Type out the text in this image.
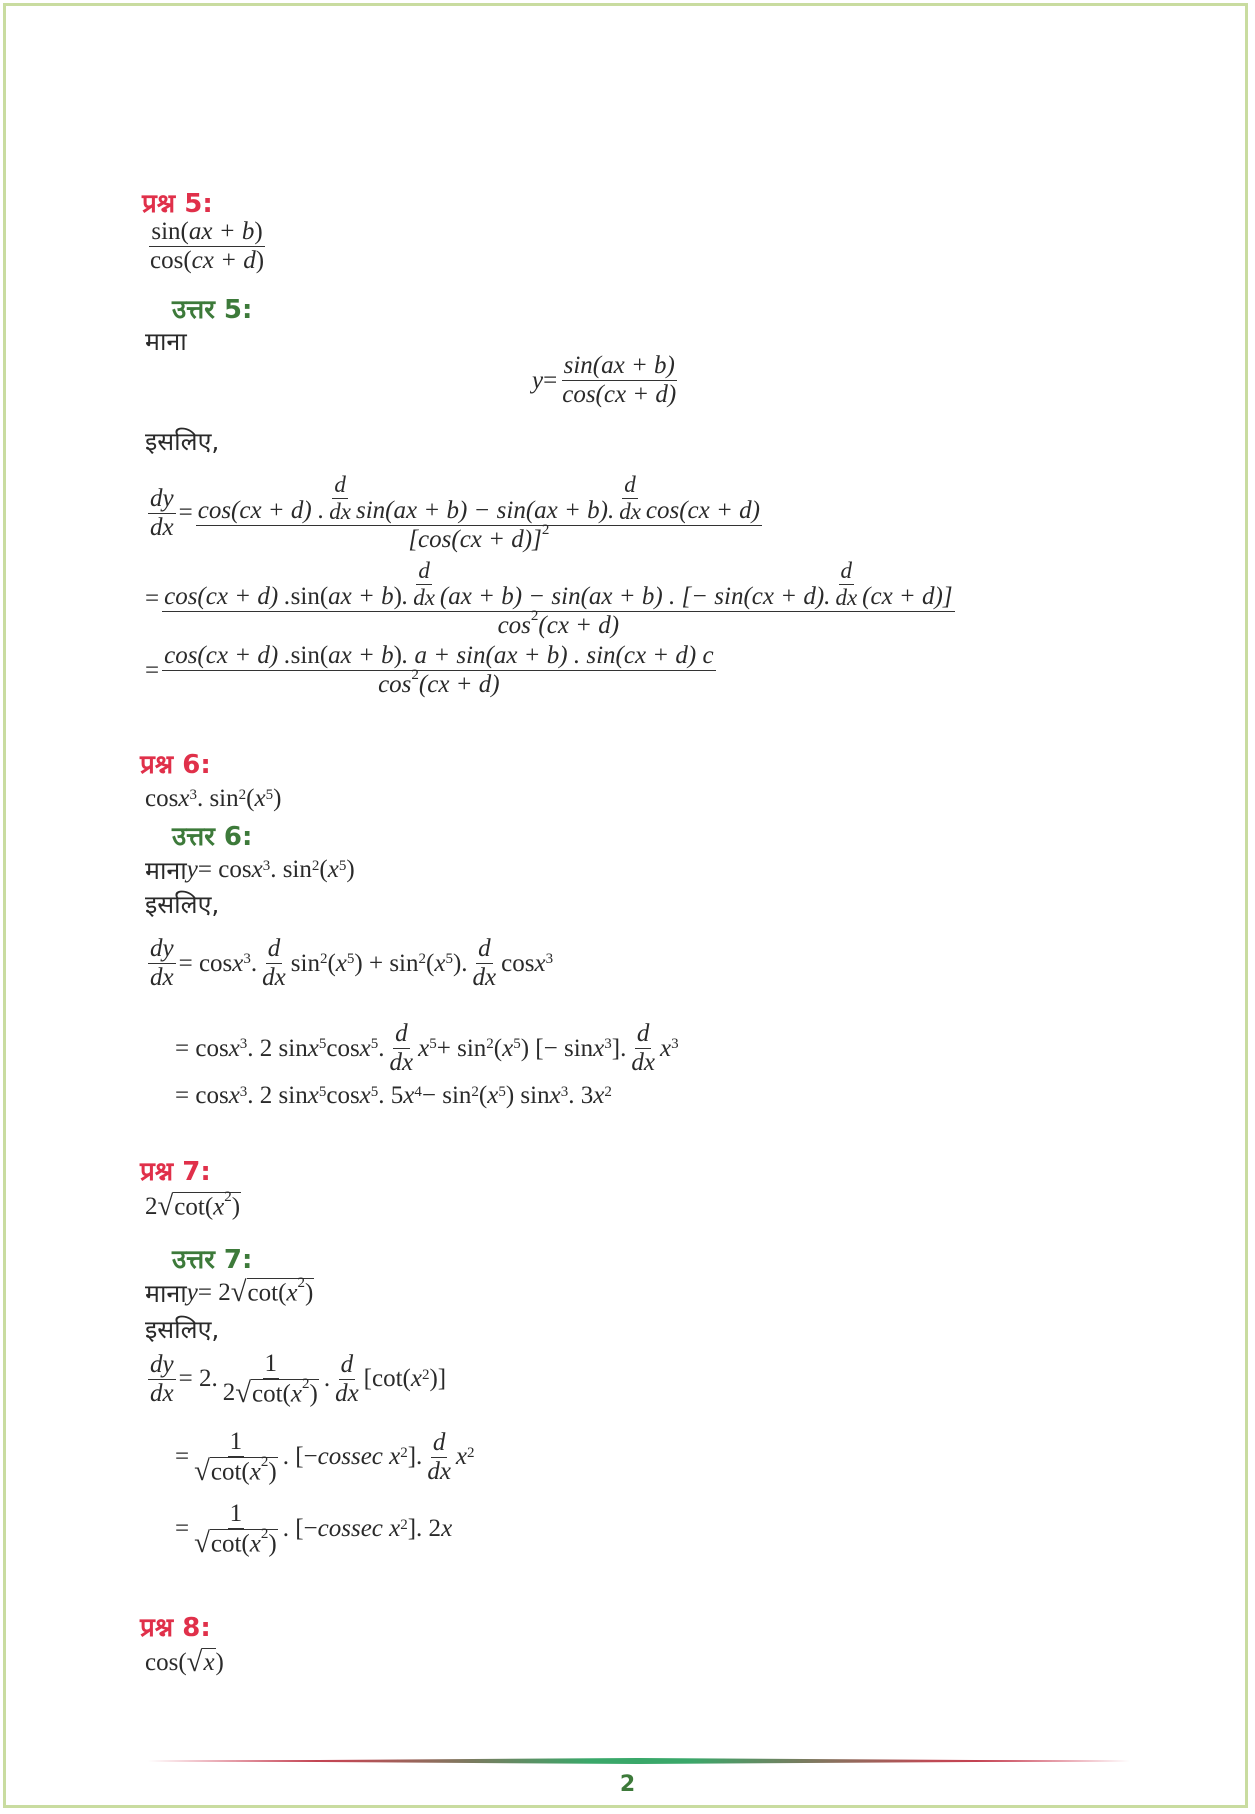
प्रश्न 5:
$\frac{\sin( ax + b )}{\cos( cx + d )}$
उत्तर 5:
माना
$y = \frac{\sin(ax + b)}{\cos(cx + d)}$
इसलिए,
$\frac{dy}{dx} = \frac{\cos(cx + d) . \frac{d}{dx} \sin(ax + b) - \sin(ax + b). \frac{d}{dx} \cos(cx + d)}{[\cos(cx + d)] 2}$
= cos(cx + d) . sin( ax + b ) . $\frac{d}{dx} (ax + b) - \sin(ax + b)$ . [− sin(cx + d). $\frac{d}{dx} (cx + d)$]
cos 2 (cx + d)
= $\frac{\cos(cx + d) . \sin( ax + b ) . a + \sin(ax + b) . \sin(cx + d) c}{\cos 2 (cx + d)}$
प्रश्न 6:
cos x 3 . sin 2 ( x 5 )
उत्तर 6:
माना y = cos x 3 . sin 2 ( x 5 )
इसलिए,
$\frac{dy}{dx} = \cos x$ 3 . $\frac{d}{dx}$ sin 2 ( x 5 ) + sin 2 ( x 5 ). $\frac{d}{dx}$ cos x 3
= cos x 3 . 2 sin x 5 cos x 5 . $\frac{d}{dx}$ x 5 + sin 2 ( x 5 ) [− sin x 3 ]. $\frac{d}{dx}$ x 3
= cos x 3 . 2 sin x 5 cos x 5 . 5 x 4 − sin 2 ( x 5 ) sin x 3 . 3 x 2
प्रश्न 7:
2 √ $\cot(x^2)$
उत्तर 7:
माना y = 2 √ $\cot(x^2)$
इसलिए,
$\frac{dy}{dx} = 2$. $\frac{1}{2 √ \cot(x^2)}$ . $\frac{d}{dx} [\cot$( x 2 )]
= $\frac{1}{√ \cot(x^2)}$ . [− cossec x 2 ]. $\frac{d}{dx}$ x 2
= $\frac{1}{√ \cot(x^2)}$ . [− cossec x 2 ]. 2 x
प्रश्न 8:
cos( √ x )
2
